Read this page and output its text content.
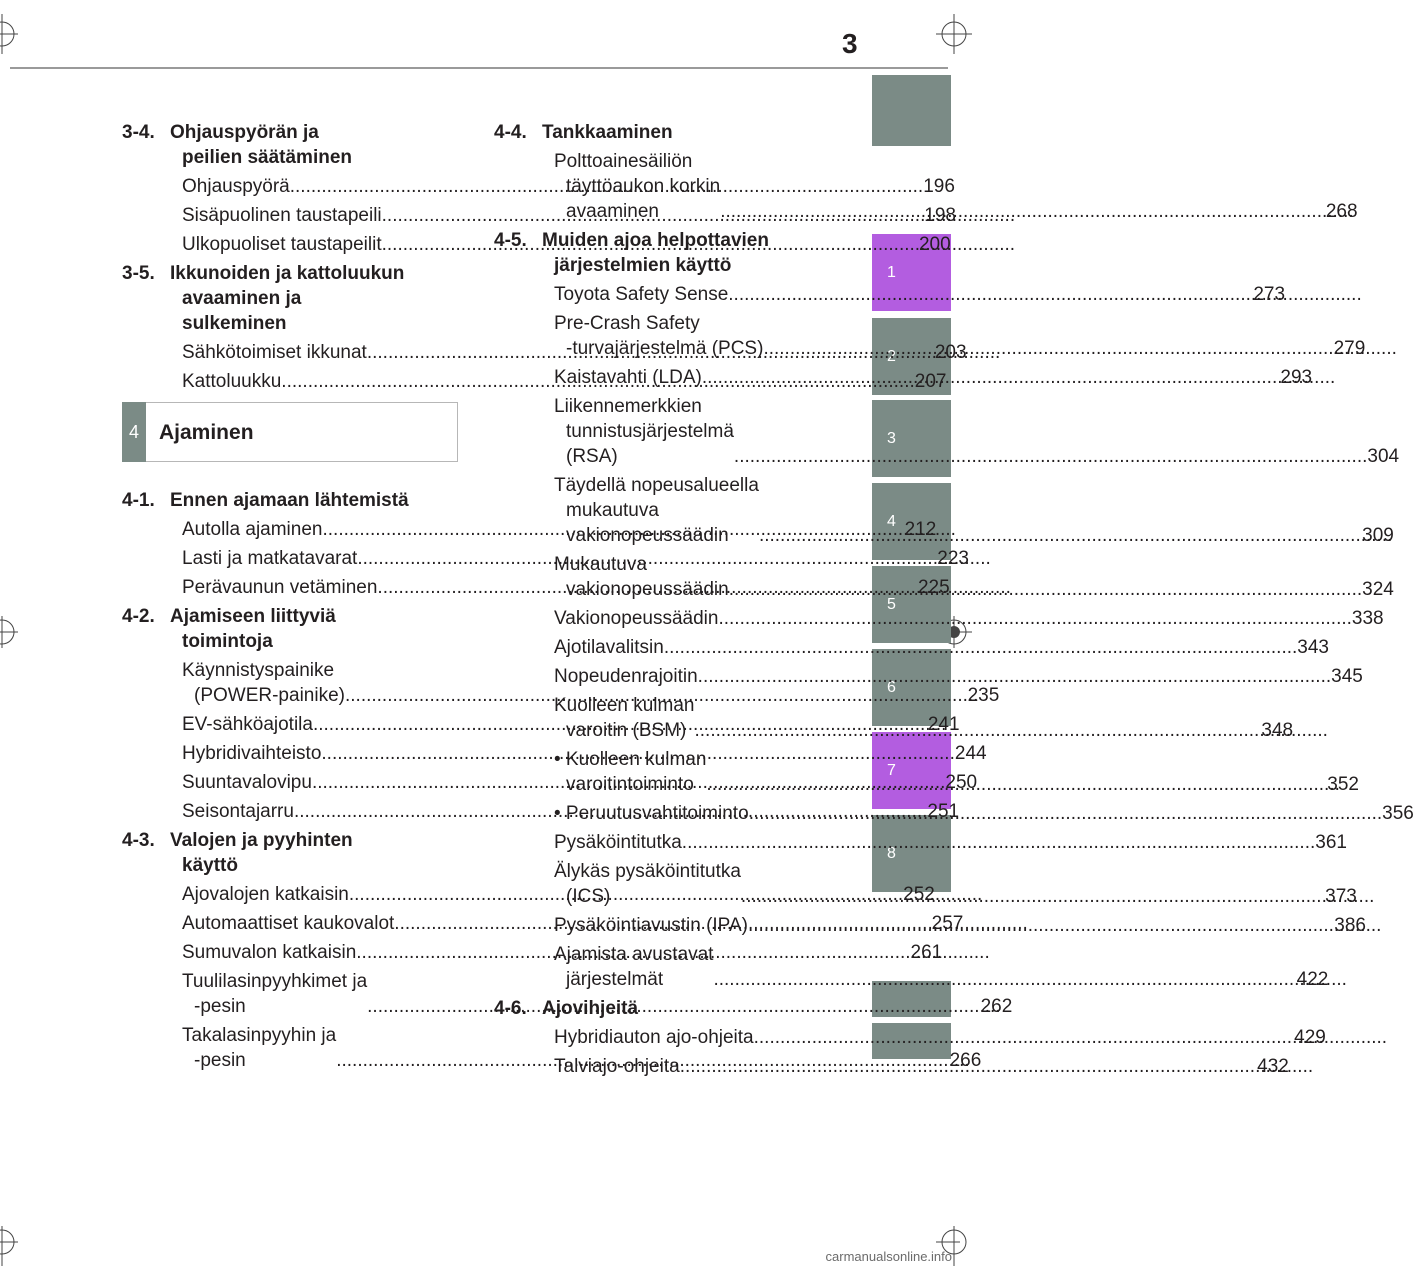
3
1
2
3
4
5
6
7
8
3-4. Ohjauspyörän ja
peilien säätäminen
Ohjauspyörä .....	196
Sisäpuolinen taustapeili .....	198
Ulkopuoliset taustapeilit .....	200
3-5. Ikkunoiden ja kattoluukun
avaaminen ja
sulkeminen
Sähkötoimiset ikkunat .....	203
Kattoluukku .....	207
4 Ajaminen
4-1. Ennen ajamaan lähtemistä
Autolla ajaminen .....	212
Lasti ja matkatavarat .....	223
Perävaunun vetäminen .....	225
4-2. Ajamiseen liittyviä
toimintoja
Käynnistyspainike
(POWER-painike) .....	235
EV-sähköajotila .....	241
Hybridivaihteisto .....	244
Suuntavalovipu .....	250
Seisontajarru .....	251
4-3. Valojen ja pyyhinten
käyttö
Ajovalojen katkaisin .....	252
Automaattiset kaukovalot .....	257
Sumuvalon katkaisin .....	261
Tuulilasinpyyhkimet ja
-pesin .....	262
Takalasinpyyhin ja
-pesin .....	266
4-4. Tankkaaminen
Polttoainesäiliön
täyttöaukon korkin
avaaminen .....	268
4-5. Muiden ajoa helpottavien
järjestelmien käyttö
Toyota Safety Sense .....	273
Pre-Crash Safety
-turvajärjestelmä (PCS) .....	279
Kaistavahti (LDA) .....	293
Liikennemerkkien
tunnistusjärjestelmä
(RSA) .....	304
Täydellä nopeusalueella
mukautuva
vakionopeussäädin .....	309
Mukautuva
vakionopeussäädin .....	324
Vakionopeussäädin .....	338
Ajotilavalitsin .....	343
Nopeudenrajoitin .....	345
Kuolleen kulman
varoitin (BSM) .....	348
• Kuolleen kulman
varoitintoiminto .....	352
• Peruutusvahtitoiminto .....	356
Pysäköintitutka .....	361
Älykäs pysäköintitutka
(ICS) .....	373
Pysäköintiavustin (IPA) .....	386
Ajamista avustavat
järjestelmät .....	422
4-6. Ajovihjeitä
Hybridiauton ajo-ohjeita .....	429
Talviajo-ohjeita .....	432
carmanualsonline.info
